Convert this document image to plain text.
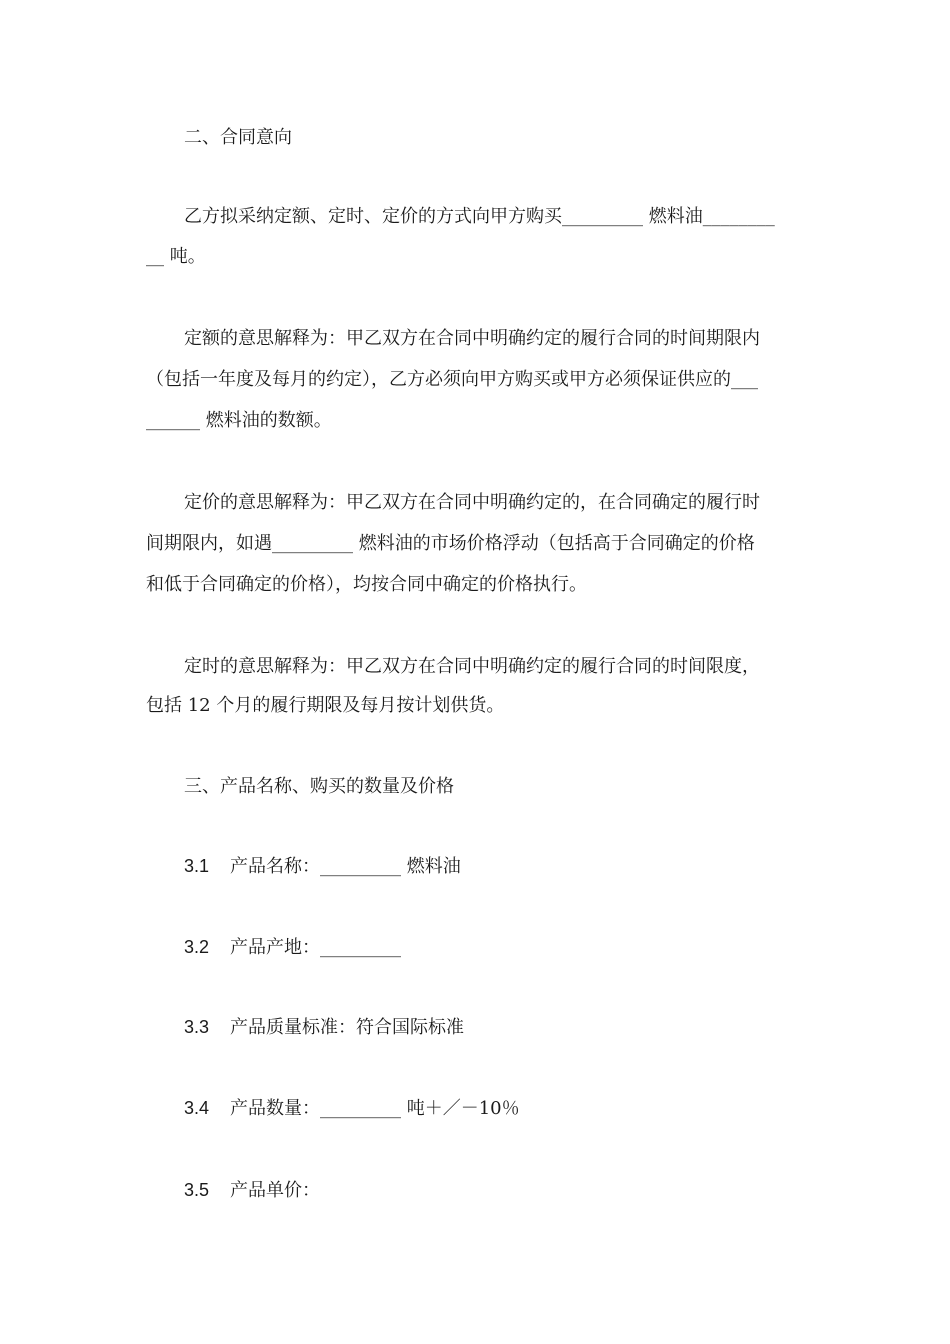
二、合同意向
乙方拟采纳定额、定时、定价的方式向甲方购买_________ 燃料油________
__ 吨。
定额的意思解释为：甲乙双方在合同中明确约定的履行合同的时间期限内
（包括一年度及每月的约定），乙方必须向甲方购买或甲方必须保证供应的___
______ 燃料油的数额。
定价的意思解释为：甲乙双方在合同中明确约定的，在合同确定的履行时
间期限内，如遇_________ 燃料油的市场价格浮动（包括高于合同确定的价格
和低于合同确定的价格），均按合同中确定的价格执行。
定时的意思解释为：甲乙双方在合同中明确约定的履行合同的时间限度，
包括 12 个月的履行期限及每月按计划供货。
三、产品名称、购买的数量及价格
3.1 产品名称：_________ 燃料油
3.2 产品产地：_________
3.3 产品质量标准：符合国际标准
3.4 产品数量：_________ 吨＋／－10％
3.5 产品单价：
